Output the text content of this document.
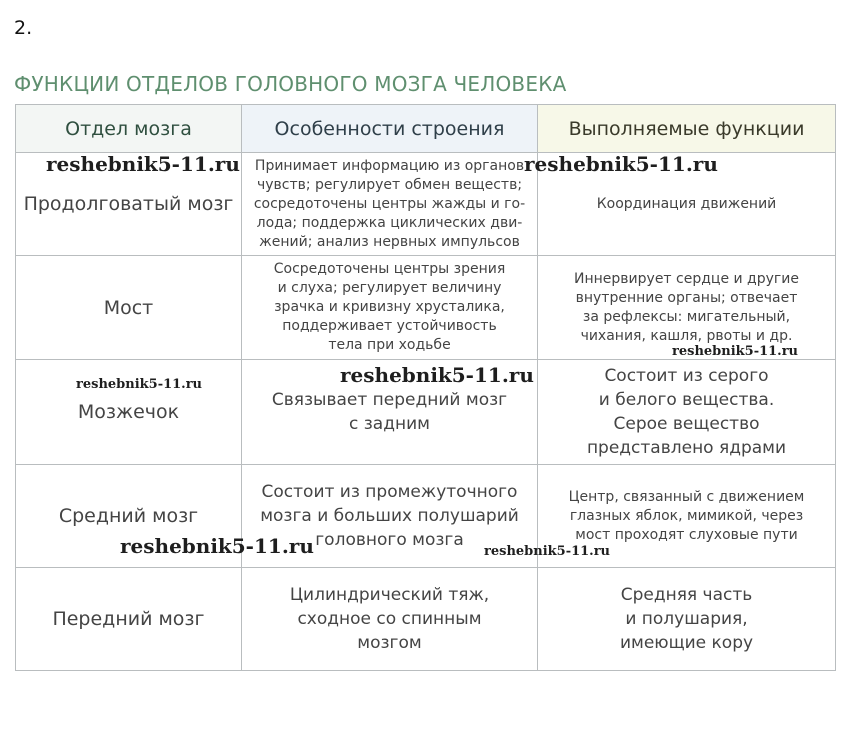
2.
ФУНКЦИИ ОТДЕЛОВ ГОЛОВНОГО МОЗГА ЧЕЛОВЕКА
Отдел мозга	Особенности строения	Выполняемые функции

Продолговатый мозг	Принимает информацию из органов
чувств; регулирует обмен веществ;
сосредоточены центры жажды и го-
лода; поддержка циклических дви-
жений; анализ нервных импульсов	Координация движений

Мост	Сосредоточены центры зрения
и слуха; регулирует величину
зрачка и кривизну хрусталика,
поддерживает устойчивость
тела при ходьбе	Иннервирует сердце и другие
внутренние органы; отвечает
за рефлексы: мигательный,
чихания, кашля, рвоты и др.

Мозжечок	Связывает передний мозг
с задним	Состоит из серого
и белого вещества.
Серое вещество
представлено ядрами

Средний мозг	Состоит из промежуточного
мозга и больших полушарий
головного мозга	Центр, связанный с движением
глазных яблок, мимикой, через
мост проходят слуховые пути

Передний мозг	Цилиндрический тяж,
сходное со спинным
мозгом	Средняя часть
и полушария,
имеющие кору
reshebnik5-11.ru	reshebnik5-11.ru
reshebnik5-11.ru
reshebnik5-11.ru
reshebnik5-11.ru
reshebnik5-11.ru	reshebnik5-11.ru
